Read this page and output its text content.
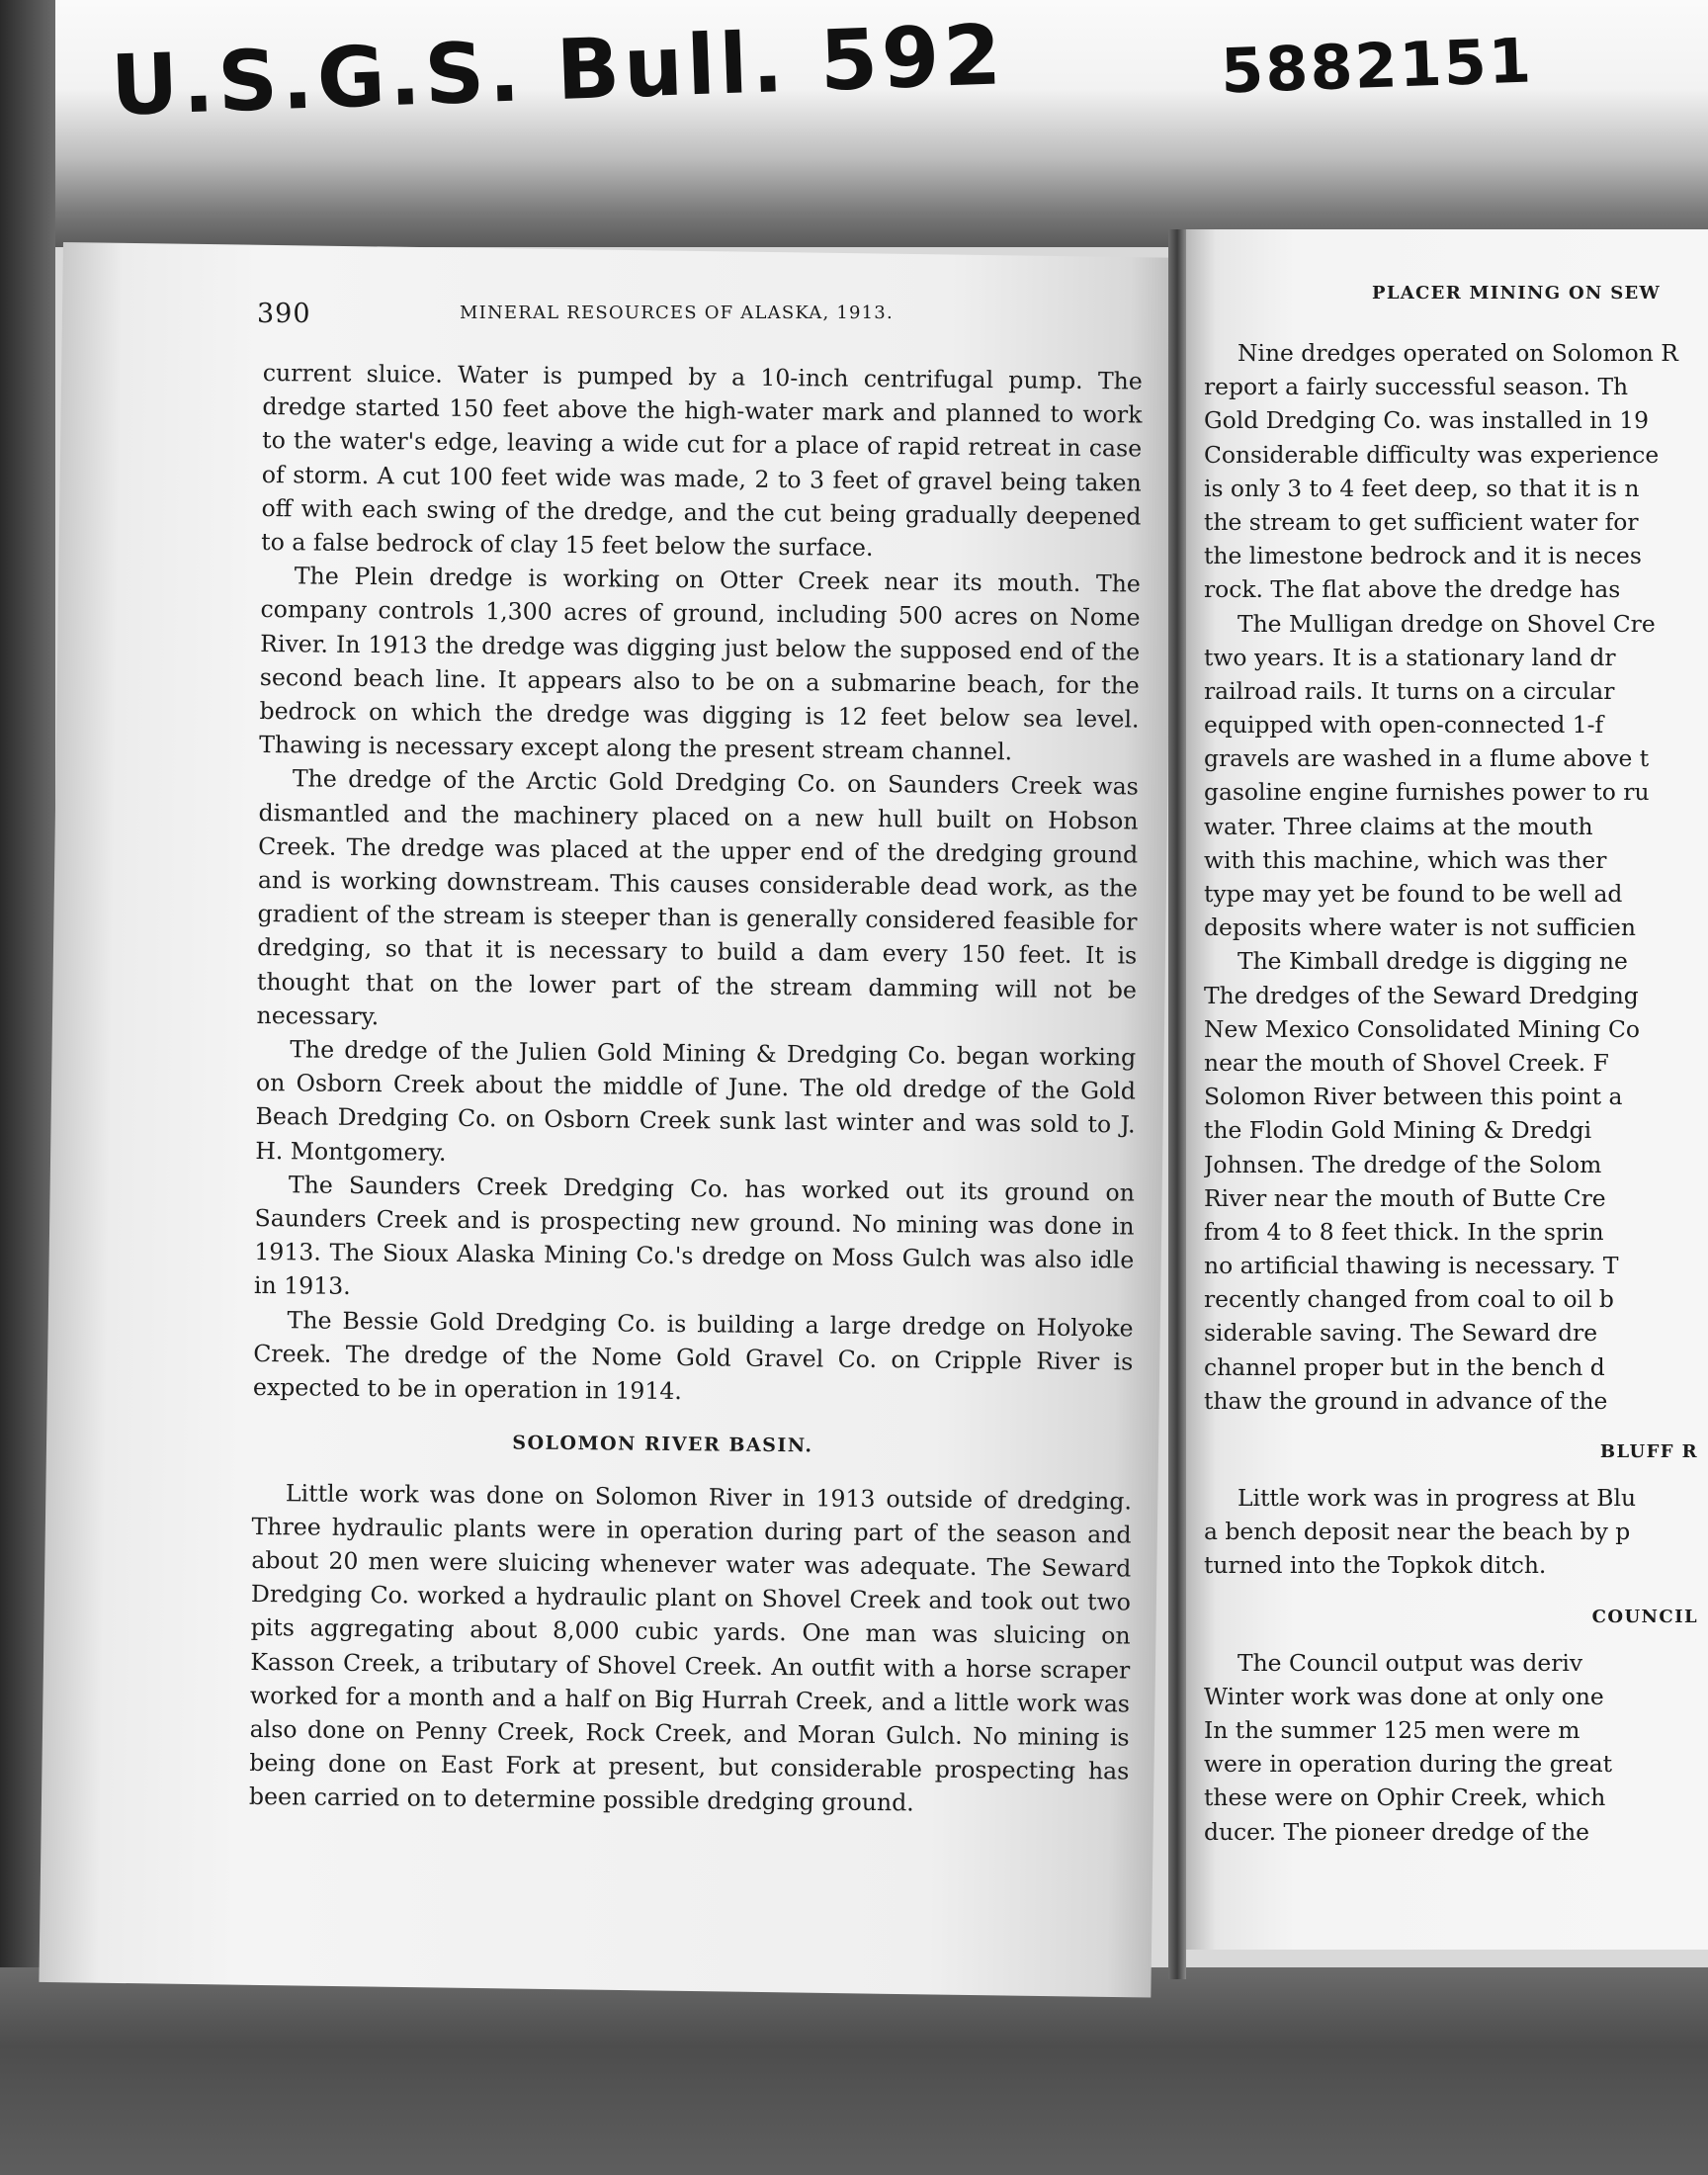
U.S.G.S. Bull. 592	5882151
390	MINERAL RESOURCES OF ALASKA, 1913.

current sluice. Water is pumped by a 10-inch centrifugal pump. The dredge started 150 feet above the high-water mark and planned to work to the water's edge, leaving a wide cut for a place of rapid retreat in case of storm. A cut 100 feet wide was made, 2 to 3 feet of gravel being taken off with each swing of the dredge, and the cut being gradually deepened to a false bedrock of clay 15 feet below the surface.

The Plein dredge is working on Otter Creek near its mouth. The company controls 1,300 acres of ground, including 500 acres on Nome River. In 1913 the dredge was digging just below the supposed end of the second beach line. It appears also to be on a submarine beach, for the bedrock on which the dredge was digging is 12 feet below sea level. Thawing is necessary except along the present stream channel.

The dredge of the Arctic Gold Dredging Co. on Saunders Creek was dismantled and the machinery placed on a new hull built on Hobson Creek. The dredge was placed at the upper end of the dredging ground and is working downstream. This causes considerable dead work, as the gradient of the stream is steeper than is generally considered feasible for dredging, so that it is necessary to build a dam every 150 feet. It is thought that on the lower part of the stream damming will not be necessary.

The dredge of the Julien Gold Mining & Dredging Co. began working on Osborn Creek about the middle of June. The old dredge of the Gold Beach Dredging Co. on Osborn Creek sunk last winter and was sold to J. H. Montgomery.

The Saunders Creek Dredging Co. has worked out its ground on Saunders Creek and is prospecting new ground. No mining was done in 1913. The Sioux Alaska Mining Co.'s dredge on Moss Gulch was also idle in 1913.

The Bessie Gold Dredging Co. is building a large dredge on Holyoke Creek. The dredge of the Nome Gold Gravel Co. on Cripple River is expected to be in operation in 1914.

SOLOMON RIVER BASIN.

Little work was done on Solomon River in 1913 outside of dredging. Three hydraulic plants were in operation during part of the season and about 20 men were sluicing whenever water was adequate. The Seward Dredging Co. worked a hydraulic plant on Shovel Creek and took out two pits aggregating about 8,000 cubic yards. One man was sluicing on Kasson Creek, a tributary of Shovel Creek. An outfit with a horse scraper worked for a month and a half on Big Hurrah Creek, and a little work was also done on Penny Creek, Rock Creek, and Moran Gulch. No mining is being done on East Fork at present, but considerable prospecting has been carried on to determine possible dredging ground.

PLACER MINING ON SEW
Nine dredges operated on Solomon R
report a fairly successful season. Th
Gold Dredging Co. was installed in 19
Considerable difficulty was experience
is only 3 to 4 feet deep, so that it is n
the stream to get sufficient water for
the limestone bedrock and it is neces
rock. The flat above the dredge has
The Mulligan dredge on Shovel Cre
two years. It is a stationary land dr
railroad rails. It turns on a circular
equipped with open-connected 1-f
gravels are washed in a flume above t
gasoline engine furnishes power to ru
water. Three claims at the mouth
with this machine, which was ther
type may yet be found to be well ad
deposits where water is not sufficien
The Kimball dredge is digging ne
The dredges of the Seward Dredging
New Mexico Consolidated Mining Co
near the mouth of Shovel Creek. F
Solomon River between this point a
the Flodin Gold Mining & Dredgi
Johnsen. The dredge of the Solom
River near the mouth of Butte Cre
from 4 to 8 feet thick. In the sprin
no artificial thawing is necessary. T
recently changed from coal to oil b
siderable saving. The Seward dre
channel proper but in the bench d
thaw the ground in advance of the
BLUFF R
Little work was in progress at Blu
a bench deposit near the beach by p
turned into the Topkok ditch.
COUNCIL
The Council output was deriv
Winter work was done at only one
In the summer 125 men were m
were in operation during the great
these were on Ophir Creek, which
ducer. The pioneer dredge of the
